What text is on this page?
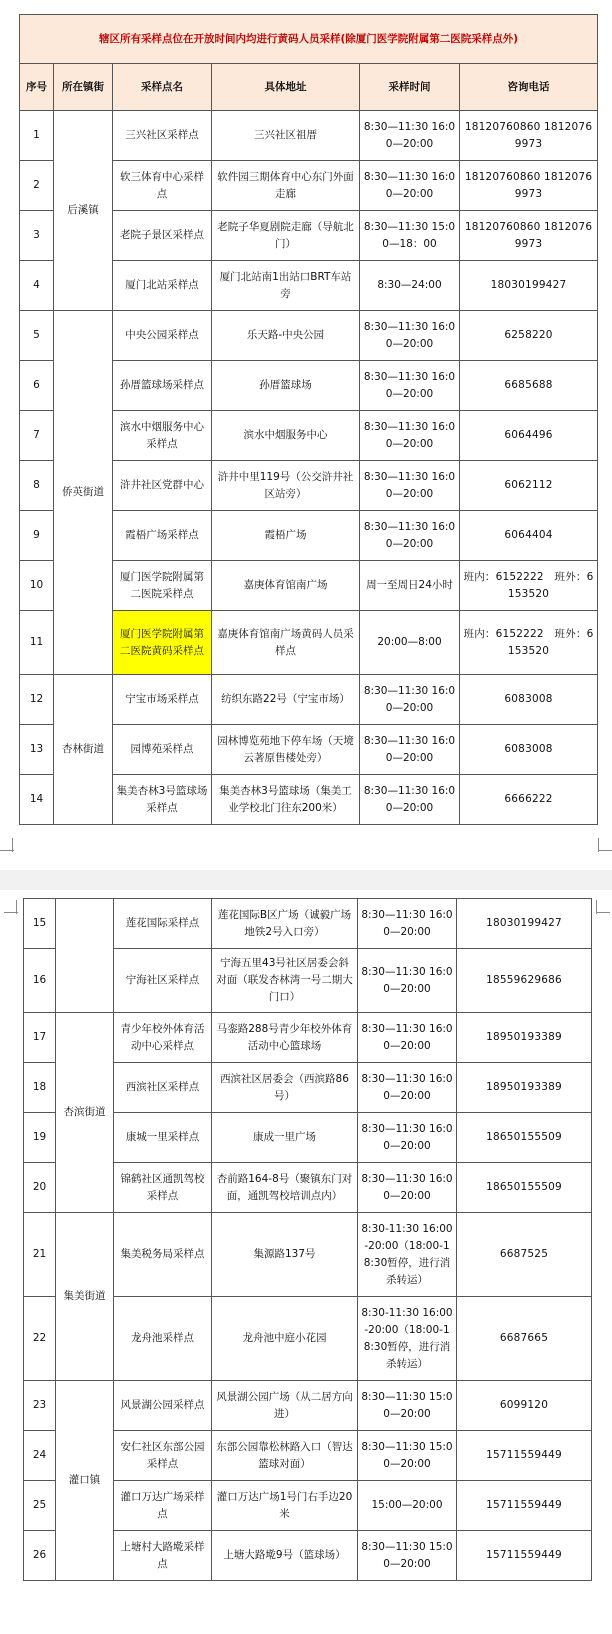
辖区所有采样点位在开放时间内均进行黄码人员采样(除厦门医学院附属第二医院采样点外)					
序号	所在镇街	采样点名	具体地址	采样时间	咨询电话
1	后溪镇	三兴社区采样点	三兴社区祖厝	8:30—11:30 16:00—20:00	18120760860 18120769973
2		软三体育中心采样点	软件园三期体育中心东门外面走廊	8:30—11:30 16:00—20:00	18120760860 18120769973
3		老院子景区采样点	老院子华夏剧院走廊（导航北门）	8:30—11:30 15:00—18：00	18120760860 18120769973
4		厦门北站采样点	厦门北站南1出站口BRT车站旁	8:30—24:00	18030199427
5	侨英街道	中央公园采样点	乐天路-中央公园	8:30—11:30 16:00—20:00	6258220
6		孙厝篮球场采样点	孙厝篮球场	8:30—11:30 16:00—20:00	6685688
7		滨水中烟服务中心采样点	滨水中烟服务中心	8:30—11:30 16:00—20:00	6064496
8		浒井社区党群中心	浒井中里119号（公交浒井社区站旁）	8:30—11:30 16:00—20:00	6062112
9		霞梧广场采样点	霞梧广场	8:30—11:30 16:00—20:00	6064404
10		厦门医学院附属第二医院采样点	嘉庚体育馆南广场	周一至周日24小时	班内：6152222　班外：6153520
11		厦门医学院附属第二医院黄码采样点	嘉庚体育馆南广场黄码人员采样点	20:00—8:00	班内：6152222　班外：6153520
12	杏林街道	宁宝市场采样点	纺织东路22号（宁宝市场）	8:30—11:30 16:00—20:00	6083008
13		园博苑采样点	园林博览苑地下停车场（天境云著原售楼处旁）	8:30—11:30 16:00—20:00	6083008
14		集美杏林3号篮球场采样点	集美杏林3号篮球场（集美工业学校北门往东200米）	8:30—11:30 16:00—20:00	6666222
15		莲花国际采样点	莲花国际B区广场（诚毅广场地铁2号入口旁）	8:30—11:30 16:00—20:00	18030199427
16		宁海社区采样点	宁海五里43号社区居委会斜对面（联发杏林湾一号二期大门口）	8:30—11:30 16:00—20:00	18559629686
17	杏滨街道	青少年校外体育活动中心采样点	马銮路288号青少年校外体育活动中心篮球场	8:30—11:30 16:00—20:00	18950193389
18		西滨社区采样点	西滨社区居委会（西滨路86号）	8:30—11:30 16:00—20:00	18950193389
19		康城一里采样点	康成一里广场	8:30—11:30 16:00—20:00	18650155509
20		锦鹤社区通凯驾校采样点	杏前路164-8号（聚镇东门对面，通凯驾校培训点内）	8:30—11:30 16:00—20:00	18650155509
21	集美街道	集美税务局采样点	集源路137号	8:30-11:30 16:00-20:00（18:00-18:30暂停，进行消杀转运）	6687525
22		龙舟池采样点	龙舟池中庭小花园	8:30-11:30 16:00-20:00（18:00-18:30暂停，进行消杀转运）	6687665
23	灌口镇	风景湖公园采样点	风景湖公园广场（从二居方向进）	8:30—11:30 15:00—20:00	6099120
24		安仁社区东部公园采样点	东部公园靠松林路入口（智达篮球对面）	8:30—11:30 15:00—20:00	15711559449
25		灌口万达广场采样点	灌口万达广场1号门右手边20米	15:00—20:00	15711559449
26		上塘村大路墘采样点	上塘大路墘9号（篮球场）	8:30—11:30 15:00—20:00	15711559449
